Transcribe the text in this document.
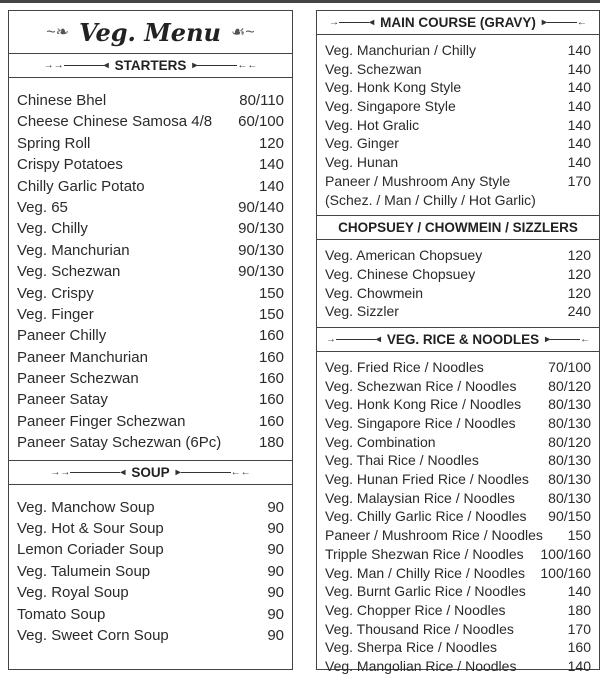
~❧ Veg. Menu ☙~
→→	◂ STARTERS ▸	←←
Chinese Bhel	80/110
Cheese Chinese Samosa 4/8 60/100
Spring Roll	120
Crispy Potatoes	140
Chilly Garlic Potato	140
Veg. 65	90/140
Veg. Chilly	90/130
Veg. Manchurian	90/130
Veg. Schezwan	90/130
Veg. Crispy	150
Veg. Finger	150
Paneer Chilly	160
Paneer Manchurian	160
Paneer Schezwan	160
Paneer Satay	160
Paneer Finger Schezwan	160
Paneer Satay Schezwan (6Pc)	180
→→	◂ SOUP ▸	←←
Veg. Manchow Soup	90
Veg. Hot & Sour Soup	90
Lemon Coriader Soup	90
Veg. Talumein Soup	90
Veg. Royal Soup	90
Tomato Soup	90
Veg. Sweet Corn Soup	90
→	◂ MAIN COURSE (GRAVY) ▸	←
Veg. Manchurian / Chilly	140
Veg. Schezwan	140
Veg. Honk Kong Style	140
Veg. Singapore Style	140
Veg. Hot Gralic	140
Veg. Ginger	140
Veg. Hunan	140
Paneer / Mushroom Any Style	170
(Schez. / Man / Chilly / Hot Garlic)
CHOPSUEY / CHOWMEIN / SIZZLERS
Veg. American Chopsuey	120
Veg. Chinese Chopsuey	120
Veg. Chowmein	120
Veg. Sizzler	240
→	◂ VEG. RICE & NOODLES ▸	←
Veg. Fried Rice / Noodles	70/100
Veg. Schezwan Rice / Noodles 80/120
Veg. Honk Kong Rice / Noodles 80/130
Veg. Singapore Rice / Noodles 80/130
Veg. Combination	80/120
Veg. Thai Rice / Noodles	80/130
Veg. Hunan Fried Rice / Noodles 80/130
Veg. Malaysian Rice / Noodles 80/130
Veg. Chilly Garlic Rice / Noodles 90/150
Paneer / Mushroom Rice / Noodles 150
Tripple Shezwan Rice / Noodles 100/160
Veg. Man / Chilly Rice / Noodles 100/160
Veg. Burnt Garlic Rice / Noodles	140
Veg. Chopper Rice / Noodles	180
Veg. Thousand Rice / Noodles	170
Veg. Sherpa Rice / Noodles	160
Veg. Mangolian Rice / Noodles	140
